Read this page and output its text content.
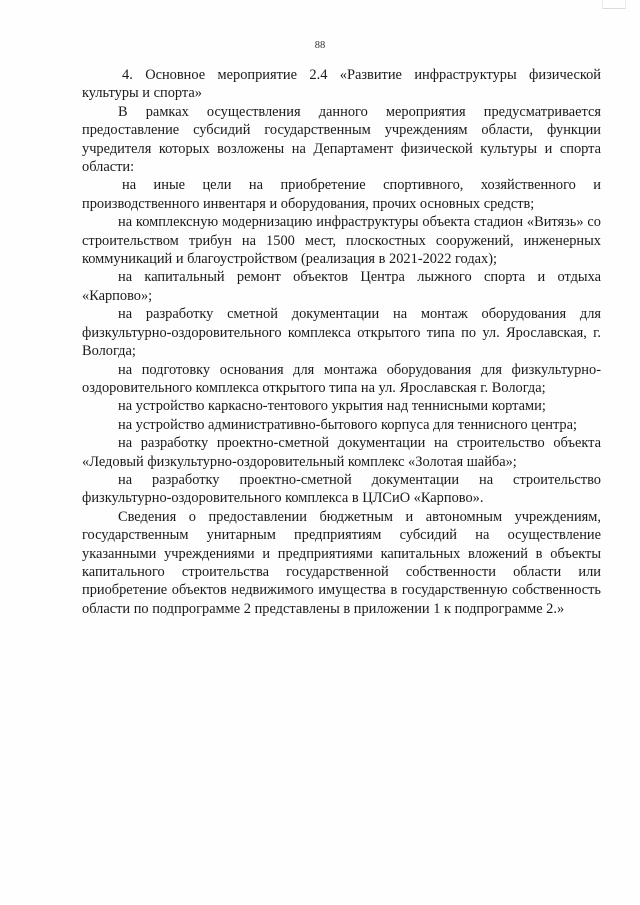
88

4. Основное мероприятие 2.4 «Развитие инфраструктуры физической культуры и спорта»

В рамках осуществления данного мероприятия предусматривается предоставление субсидий государственным учреждениям области, функции учредителя которых возложены на Департамент физической культуры и спорта области:

на иные цели на приобретение спортивного, хозяйственного и производственного инвентаря и оборудования, прочих основных средств;

на комплексную модернизацию инфраструктуры объекта стадион «Витязь» со строительством трибун на 1500 мест, плоскостных сооружений, инженерных коммуникаций и благоустройством (реализация в 2021-2022 годах);

на капитальный ремонт объектов Центра лыжного спорта и отдыха «Карпово»;

на разработку сметной документации на монтаж оборудования для физкультурно-оздоровительного комплекса открытого типа по ул. Ярославская, г. Вологда;

на подготовку основания для монтажа оборудования для физкультурно-оздоровительного комплекса открытого типа на ул. Ярославская г. Вологда;

на устройство каркасно-тентового укрытия над теннисными кортами;

на устройство административно-бытового корпуса для теннисного центра;

на разработку проектно-сметной документации на строительство объекта «Ледовый физкультурно-оздоровительный комплекс «Золотая шайба»;

на разработку проектно-сметной документации на строительство физкультурно-оздоровительного комплекса в ЦЛСиО «Карпово».

Сведения о предоставлении бюджетным и автономным учреждениям, государственным унитарным предприятиям субсидий на осуществление указанными учреждениями и предприятиями капитальных вложений в объекты капитального строительства государственной собственности области или приобретение объектов недвижимого имущества в государственную собственность области по подпрограмме 2 представлены в приложении 1 к подпрограмме 2.»
